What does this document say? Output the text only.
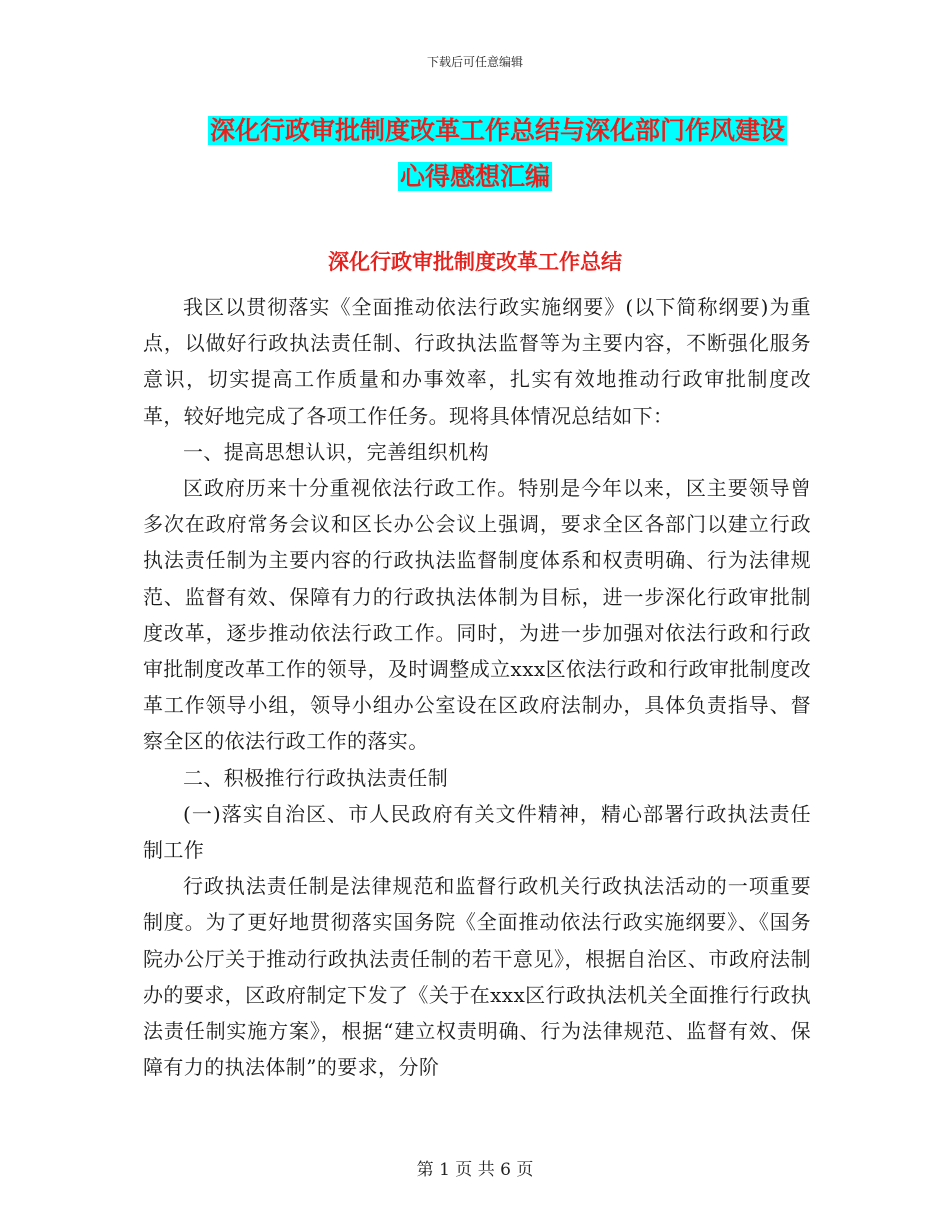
下载后可任意编辑
深化行政审批制度改革工作总结与深化部门作风建设
心得感想汇编
深化行政审批制度改革工作总结

我区以贯彻落实《全面推动依法行政实施纲要》(以下简称纲要)为重点，以做好行政执法责任制、行政执法监督等为主要内容，不断强化服务意识，切实提高工作质量和办事效率，扎实有效地推动行政审批制度改革，较好地完成了各项工作任务。现将具体情况总结如下：

一、提高思想认识，完善组织机构

区政府历来十分重视依法行政工作。特别是今年以来，区主要领导曾多次在政府常务会议和区长办公会议上强调，要求全区各部门以建立行政执法责任制为主要内容的行政执法监督制度体系和权责明确、行为法律规范、监督有效、保障有力的行政执法体制为目标，进一步深化行政审批制度改革，逐步推动依法行政工作。同时，为进一步加强对依法行政和行政审批制度改革工作的领导，及时调整成立xxx区依法行政和行政审批制度改革工作领导小组，领导小组办公室设在区政府法制办，具体负责指导、督察全区的依法行政工作的落实。

二、积极推行行政执法责任制

(一)落实自治区、市人民政府有关文件精神，精心部署行政执法责任制工作

行政执法责任制是法律规范和监督行政机关行政执法活动的一项重要制度。为了更好地贯彻落实国务院《全面推动依法行政实施纲要》、《国务院办公厅关于推动行政执法责任制的若干意见》，根据自治区、市政府法制办的要求，区政府制定下发了《关于在xxx区行政执法机关全面推行行政执法责任制实施方案》，根据“建立权责明确、行为法律规范、监督有效、保障有力的执法体制”的要求，分阶

第 1 页 共 6 页
